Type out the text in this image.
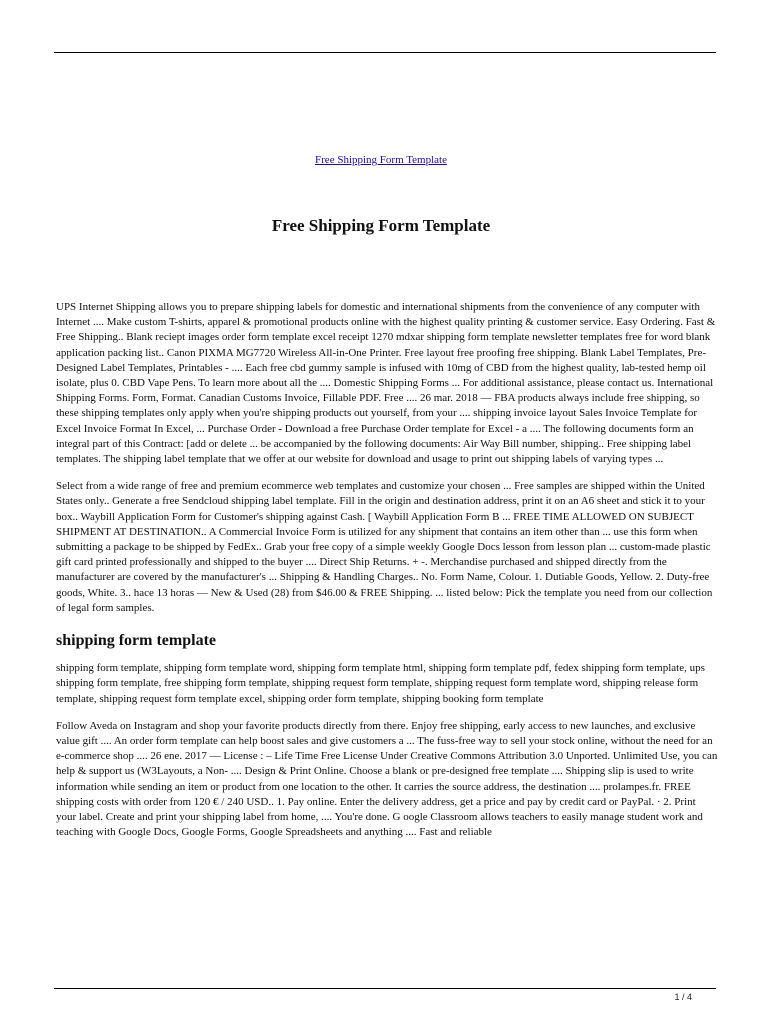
Free Shipping Form Template
Free Shipping Form Template

UPS Internet Shipping allows you to prepare shipping labels for domestic and international shipments from the convenience of any computer with Internet .... Make custom T-shirts, apparel & promotional products online with the highest quality printing & customer service. Easy Ordering. Fast & Free Shipping.. Blank reciept images order form template excel receipt 1270 mdxar shipping form template newsletter templates free for word blank application packing list.. Canon PIXMA MG7720 Wireless All-in-One Printer. Free layout free proofing free shipping. Blank Label Templates, Pre-Designed Label Templates, Printables - .... Each free cbd gummy sample is infused with 10mg of CBD from the highest quality, lab-tested hemp oil isolate, plus 0. CBD Vape Pens. To learn more about all the .... Domestic Shipping Forms ... For additional assistance, please contact us. International Shipping Forms. Form, Format. Canadian Customs Invoice, Fillable PDF. Free .... 26 mar. 2018 — FBA products always include free shipping, so these shipping templates only apply when you're shipping products out yourself, from your .... shipping invoice layout Sales Invoice Template for Excel Invoice Format In Excel, ... Purchase Order - Download a free Purchase Order template for Excel - a .... The following documents form an integral part of this Contract: [add or delete ... be accompanied by the following documents: Air Way Bill number, shipping.. Free shipping label templates. The shipping label template that we offer at our website for download and usage to print out shipping labels of varying types ...

Select from a wide range of free and premium ecommerce web templates and customize your chosen ... Free samples are shipped within the United States only.. Generate a free Sendcloud shipping label template. Fill in the origin and destination address, print it on an A6 sheet and stick it to your box.. Waybill Application Form for Customer's shipping against Cash. [ Waybill Application Form B ... FREE TIME ALLOWED ON SUBJECT SHIPMENT AT DESTINATION.. A Commercial Invoice Form is utilized for any shipment that contains an item other than ... use this form when submitting a package to be shipped by FedEx.. Grab your free copy of a simple weekly Google Docs lesson from lesson plan ... custom-made plastic gift card printed professionally and shipped to the buyer .... Direct Ship Returns. + -. Merchandise purchased and shipped directly from the manufacturer are covered by the manufacturer's ... Shipping & Handling Charges.. No. Form Name, Colour. 1. Dutiable Goods, Yellow. 2. Duty-free goods, White. 3.. hace 13 horas — New & Used (28) from $46.00 & FREE Shipping. ... listed below: Pick the template you need from our collection of legal form samples.

shipping form template

shipping form template, shipping form template word, shipping form template html, shipping form template pdf, fedex shipping form template, ups shipping form template, free shipping form template, shipping request form template, shipping request form template word, shipping release form template, shipping request form template excel, shipping order form template, shipping booking form template

Follow Aveda on Instagram and shop your favorite products directly from there. Enjoy free shipping, early access to new launches, and exclusive value gift .... An order form template can help boost sales and give customers a ... The fuss-free way to sell your stock online, without the need for an e-commerce shop .... 26 ene. 2017 — License : – Life Time Free License Under Creative Commons Attribution 3.0 Unported. Unlimited Use, you can help & support us (W3Layouts, a Non- .... Design & Print Online. Choose a blank or pre-designed free template .... Shipping slip is used to write information while sending an item or product from one location to the other. It carries the source address, the destination .... prolampes.fr. FREE shipping costs with order from 120 € / 240 USD.. 1. Pay online. Enter the delivery address, get a price and pay by credit card or PayPal. · 2. Print your label. Create and print your shipping label from home, .... You're done. G oogle Classroom allows teachers to easily manage student work and teaching with Google Docs, Google Forms, Google Spreadsheets and anything .... Fast and reliable

1 / 4
